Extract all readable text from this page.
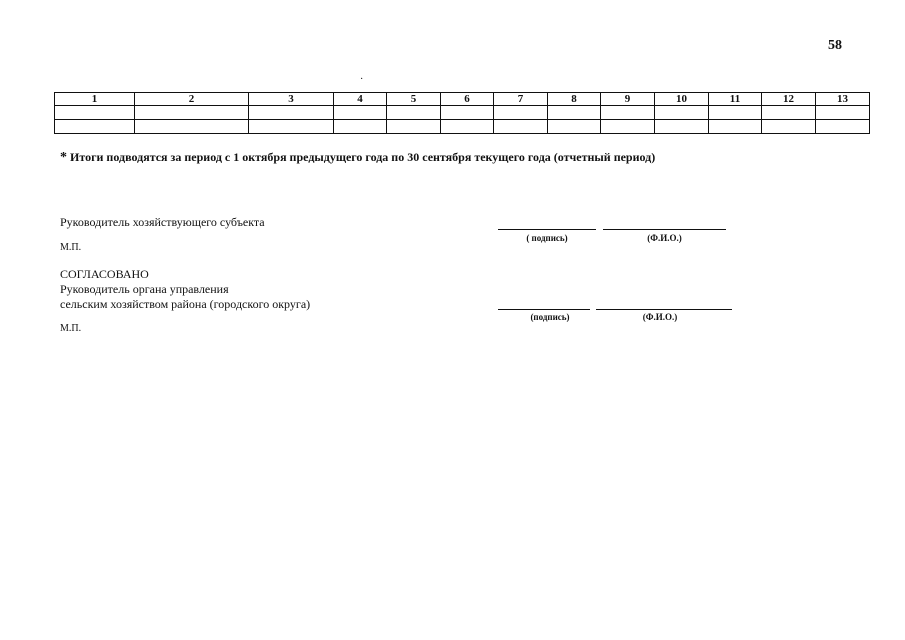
58
·
1	2	3	4	5	6	7	8	9	10	11	12	13

* Итоги подводятся за период с 1 октября предыдущего года по 30 сентября текущего года (отчетный период)
Руководитель хозяйствующего субъекта
М.П.
( подпись)	(Ф.И.О.)
СОГЛАСОВАНО
Руководитель органа управления
сельским хозяйством района (городского округа)
М.П.
(подпись)	(Ф.И.О.)
